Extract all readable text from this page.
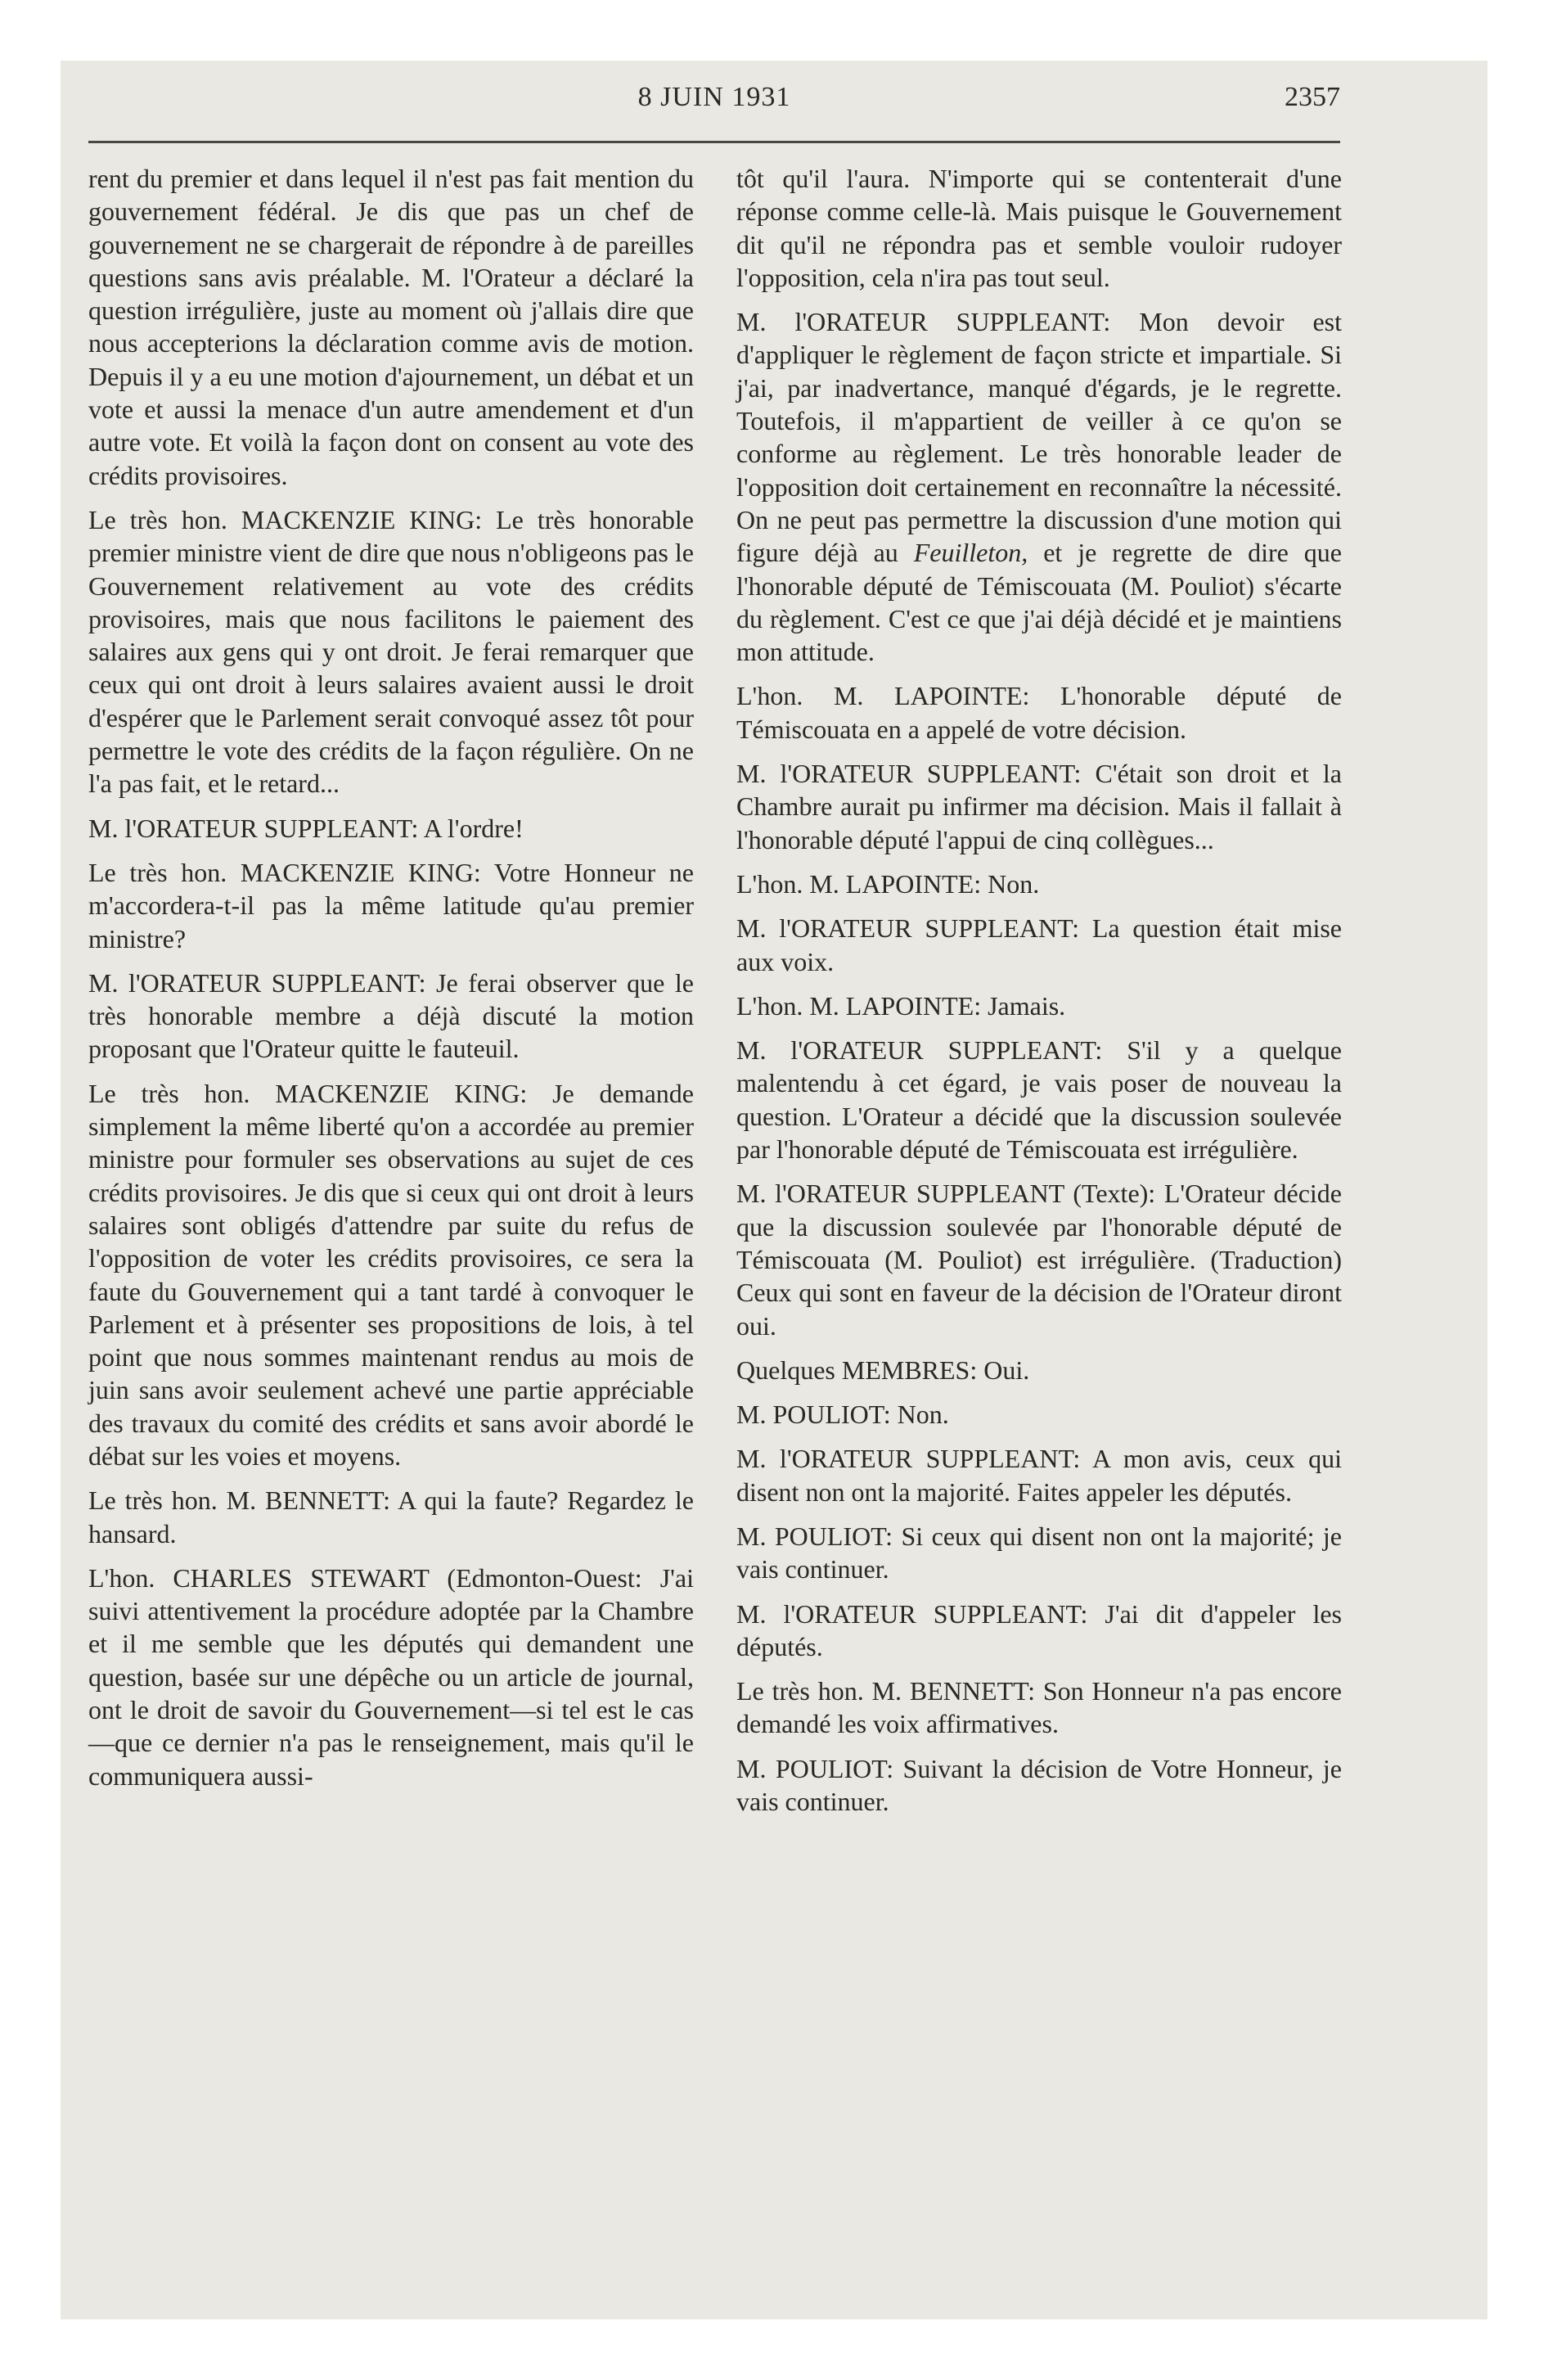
8 JUIN 1931	2357

rent du premier et dans lequel il n'est pas fait mention du gouvernement fédéral. Je dis que pas un chef de gouvernement ne se chargerait de répondre à de pareilles questions sans avis préalable. M. l'Orateur a déclaré la question irrégulière, juste au moment où j'allais dire que nous accepterions la déclaration comme avis de motion. Depuis il y a eu une motion d'ajournement, un débat et un vote et aussi la menace d'un autre amendement et d'un autre vote. Et voilà la façon dont on consent au vote des crédits provisoires.

Le très hon. MACKENZIE KING: Le très honorable premier ministre vient de dire que nous n'obligeons pas le Gouvernement relativement au vote des crédits provisoires, mais que nous facilitons le paiement des salaires aux gens qui y ont droit. Je ferai remarquer que ceux qui ont droit à leurs salaires avaient aussi le droit d'espérer que le Parlement serait convoqué assez tôt pour permettre le vote des crédits de la façon régulière. On ne l'a pas fait, et le retard...

M. l'ORATEUR SUPPLEANT: A l'ordre!

Le très hon. MACKENZIE KING: Votre Honneur ne m'accordera-t-il pas la même latitude qu'au premier ministre?

M. l'ORATEUR SUPPLEANT: Je ferai observer que le très honorable membre a déjà discuté la motion proposant que l'Orateur quitte le fauteuil.

Le très hon. MACKENZIE KING: Je demande simplement la même liberté qu'on a accordée au premier ministre pour formuler ses observations au sujet de ces crédits provisoires. Je dis que si ceux qui ont droit à leurs salaires sont obligés d'attendre par suite du refus de l'opposition de voter les crédits provisoires, ce sera la faute du Gouvernement qui a tant tardé à convoquer le Parlement et à présenter ses propositions de lois, à tel point que nous sommes maintenant rendus au mois de juin sans avoir seulement achevé une partie appréciable des travaux du comité des crédits et sans avoir abordé le débat sur les voies et moyens.

Le très hon. M. BENNETT: A qui la faute? Regardez le hansard.

L'hon. CHARLES STEWART (Edmonton-Ouest: J'ai suivi attentivement la procédure adoptée par la Chambre et il me semble que les députés qui demandent une question, basée sur une dépêche ou un article de journal, ont le droit de savoir du Gouvernement—si tel est le cas—que ce dernier n'a pas le renseignement, mais qu'il le communiquera aussi-

tôt qu'il l'aura. N'importe qui se contenterait d'une réponse comme celle-là. Mais puisque le Gouvernement dit qu'il ne répondra pas et semble vouloir rudoyer l'opposition, cela n'ira pas tout seul.

M. l'ORATEUR SUPPLEANT: Mon devoir est d'appliquer le règlement de façon stricte et impartiale. Si j'ai, par inadvertance, manqué d'égards, je le regrette. Toutefois, il m'appartient de veiller à ce qu'on se conforme au règlement. Le très honorable leader de l'opposition doit certainement en reconnaître la nécessité. On ne peut pas permettre la discussion d'une motion qui figure déjà au Feuilleton, et je regrette de dire que l'honorable député de Témiscouata (M. Pouliot) s'écarte du règlement. C'est ce que j'ai déjà décidé et je maintiens mon attitude.

L'hon. M. LAPOINTE: L'honorable député de Témiscouata en a appelé de votre décision.

M. l'ORATEUR SUPPLEANT: C'était son droit et la Chambre aurait pu infirmer ma décision. Mais il fallait à l'honorable député l'appui de cinq collègues...

L'hon. M. LAPOINTE: Non.

M. l'ORATEUR SUPPLEANT: La question était mise aux voix.

L'hon. M. LAPOINTE: Jamais.

M. l'ORATEUR SUPPLEANT: S'il y a quelque malentendu à cet égard, je vais poser de nouveau la question. L'Orateur a décidé que la discussion soulevée par l'honorable député de Témiscouata est irrégulière.

M. l'ORATEUR SUPPLEANT (Texte): L'Orateur décide que la discussion soulevée par l'honorable député de Témiscouata (M. Pouliot) est irrégulière. (Traduction) Ceux qui sont en faveur de la décision de l'Orateur diront oui.

Quelques MEMBRES: Oui.

M. POULIOT: Non.

M. l'ORATEUR SUPPLEANT: A mon avis, ceux qui disent non ont la majorité. Faites appeler les députés.

M. POULIOT: Si ceux qui disent non ont la majorité; je vais continuer.

M. l'ORATEUR SUPPLEANT: J'ai dit d'appeler les députés.

Le très hon. M. BENNETT: Son Honneur n'a pas encore demandé les voix affirmatives.

M. POULIOT: Suivant la décision de Votre Honneur, je vais continuer.
